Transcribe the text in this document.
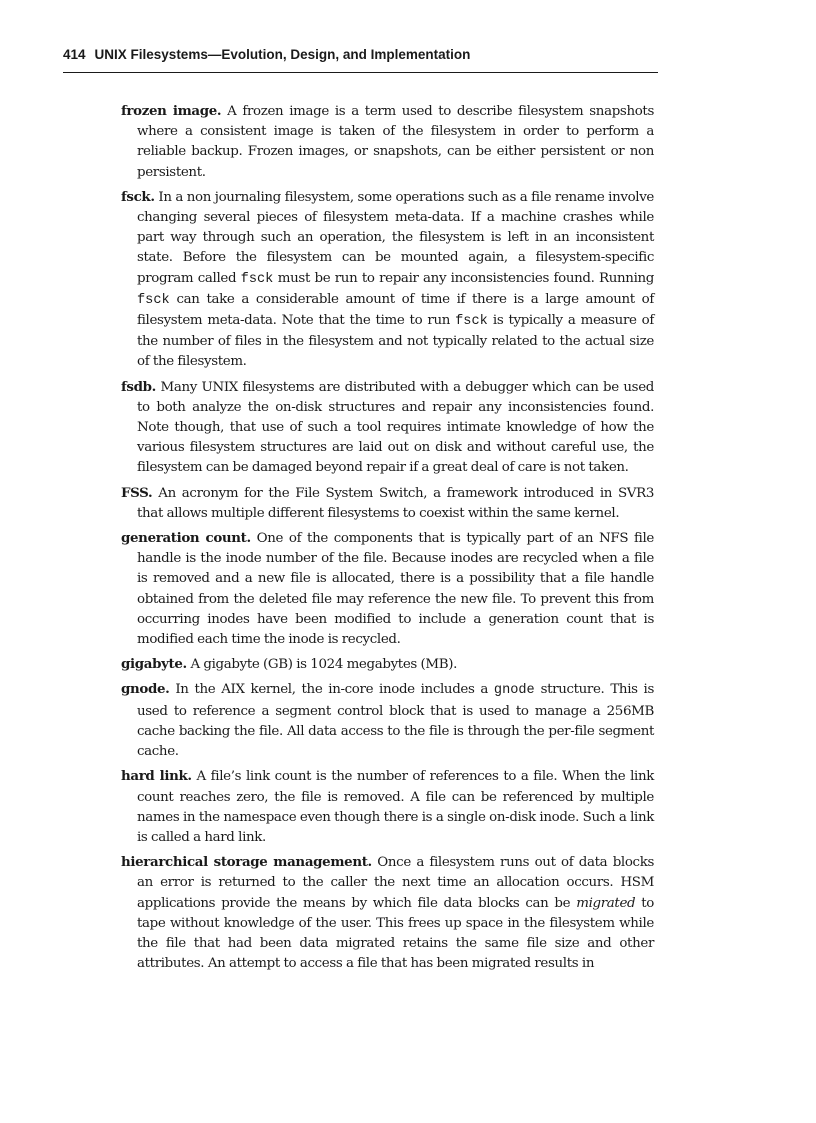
414 UNIX Filesystems—Evolution, Design, and Implementation

frozen image. A frozen image is a term used to describe filesystem snapshots where a consistent image is taken of the filesystem in order to perform a reliable backup. Frozen images, or snapshots, can be either persistent or non persistent.

fsck. In a non journaling filesystem, some operations such as a file rename involve changing several pieces of filesystem meta-data. If a machine crashes while part way through such an operation, the filesystem is left in an inconsistent state. Before the filesystem can be mounted again, a filesystem-specific program called fsck must be run to repair any inconsistencies found. Running fsck can take a considerable amount of time if there is a large amount of filesystem meta-data. Note that the time to run fsck is typically a measure of the number of files in the filesystem and not typically related to the actual size of the filesystem.

fsdb. Many UNIX filesystems are distributed with a debugger which can be used to both analyze the on-disk structures and repair any inconsistencies found. Note though, that use of such a tool requires intimate knowledge of how the various filesystem structures are laid out on disk and without careful use, the filesystem can be damaged beyond repair if a great deal of care is not taken.

FSS. An acronym for the File System Switch, a framework introduced in SVR3 that allows multiple different filesystems to coexist within the same kernel.

generation count. One of the components that is typically part of an NFS file handle is the inode number of the file. Because inodes are recycled when a file is removed and a new file is allocated, there is a possibility that a file handle obtained from the deleted file may reference the new file. To prevent this from occurring inodes have been modified to include a generation count that is modified each time the inode is recycled.

gigabyte. A gigabyte (GB) is 1024 megabytes (MB).

gnode. In the AIX kernel, the in-core inode includes a gnode structure. This is used to reference a segment control block that is used to manage a 256MB cache backing the file. All data access to the file is through the per-file segment cache.

hard link. A file’s link count is the number of references to a file. When the link count reaches zero, the file is removed. A file can be referenced by multiple names in the namespace even though there is a single on-disk inode. Such a link is called a hard link.

hierarchical storage management. Once a filesystem runs out of data blocks an error is returned to the caller the next time an allocation occurs. HSM applications provide the means by which file data blocks can be migrated to tape without knowledge of the user. This frees up space in the filesystem while the file that had been data migrated retains the same file size and other attributes. An attempt to access a file that has been migrated results in
